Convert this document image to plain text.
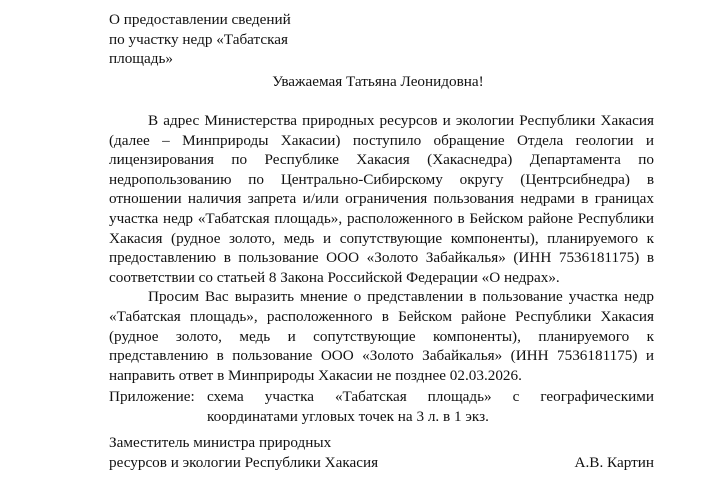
О предоставлении сведений
по участку недр «Табатская
площадь»
Уважаемая Татьяна Леонидовна!

В адрес Министерства природных ресурсов и экологии Республики Хакасия (далее – Минприроды Хакасии) поступило обращение Отдела геологии и лицензирования по Республике Хакасия (Хакаснедра) Департамента по недропользованию по Центрально-Сибирскому округу (Центрсибнедра) в отношении наличия запрета и/или ограничения пользования недрами в границах участка недр «Табатская площадь», расположенного в Бейском районе Республики Хакасия (рудное золото, медь и сопутствующие компоненты), планируемого к предоставлению в пользование ООО «Золото Забайкалья» (ИНН 7536181175) в соответствии со статьей 8 Закона Российской Федерации «О недрах».

Просим Вас выразить мнение о представлении в пользование участка недр «Табатская площадь», расположенного в Бейском районе Республики Хакасия (рудное золото, медь и сопутствующие компоненты), планируемого к представлению в пользование ООО «Золото Забайкалья» (ИНН 7536181175) и направить ответ в Минприроды Хакасии не позднее 02.03.2026.

Приложение: схема участка «Табатская площадь» с географическими
координатами угловых точек на 3 л. в 1 экз.
Заместитель министра природных
ресурсов и экологии Республики Хакасия	А.В. Картин
